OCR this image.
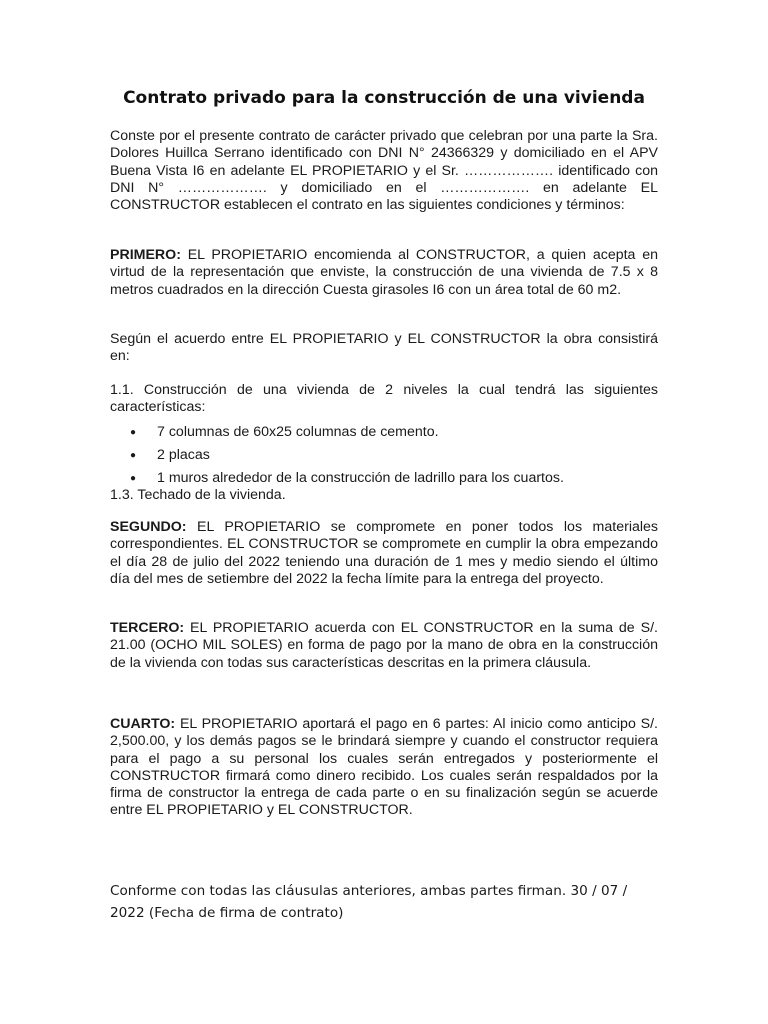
Contrato privado para la construcción de una vivienda
Conste por el presente contrato de carácter privado que celebran por una parte la Sra. Dolores Huillca Serrano identificado con DNI N° 24366329 y domiciliado en el APV Buena Vista I6 en adelante EL PROPIETARIO y el Sr. ………………. identificado con DNI N° ………………. y domiciliado en el ………………. en adelante EL CONSTRUCTOR establecen el contrato en las siguientes condiciones y términos:
PRIMERO: EL PROPIETARIO encomienda al CONSTRUCTOR, a quien acepta en virtud de la representación que enviste, la construcción de una vivienda de 7.5 x 8 metros cuadrados en la dirección Cuesta girasoles I6 con un área total de 60 m2.
Según el acuerdo entre EL PROPIETARIO y EL CONSTRUCTOR la obra consistirá en:
1.1. Construcción de una vivienda de 2 niveles la cual tendrá las siguientes características:
● 7 columnas de 60x25 columnas de cemento.
● 2 placas
● 1 muros alrededor de la construcción de ladrillo para los cuartos.
1.3. Techado de la vivienda.
SEGUNDO: EL PROPIETARIO se compromete en poner todos los materiales correspondientes. EL CONSTRUCTOR se compromete en cumplir la obra empezando el día 28 de julio del 2022 teniendo una duración de 1 mes y medio siendo el último día del mes de setiembre del 2022 la fecha límite para la entrega del proyecto.
TERCERO: EL PROPIETARIO acuerda con EL CONSTRUCTOR en la suma de S/. 21.00 (OCHO MIL SOLES) en forma de pago por la mano de obra en la construcción de la vivienda con todas sus características descritas en la primera cláusula.
CUARTO: EL PROPIETARIO aportará el pago en 6 partes: Al inicio como anticipo S/. 2,500.00, y los demás pagos se le brindará siempre y cuando el constructor requiera para el pago a su personal los cuales serán entregados y posteriormente el CONSTRUCTOR firmará como dinero recibido. Los cuales serán respaldados por la firma de constructor la entrega de cada parte o en su finalización según se acuerde entre EL PROPIETARIO y EL CONSTRUCTOR.
Conforme con todas las cláusulas anteriores, ambas partes firman. 30 / 07 / 2022 (Fecha de firma de contrato)
